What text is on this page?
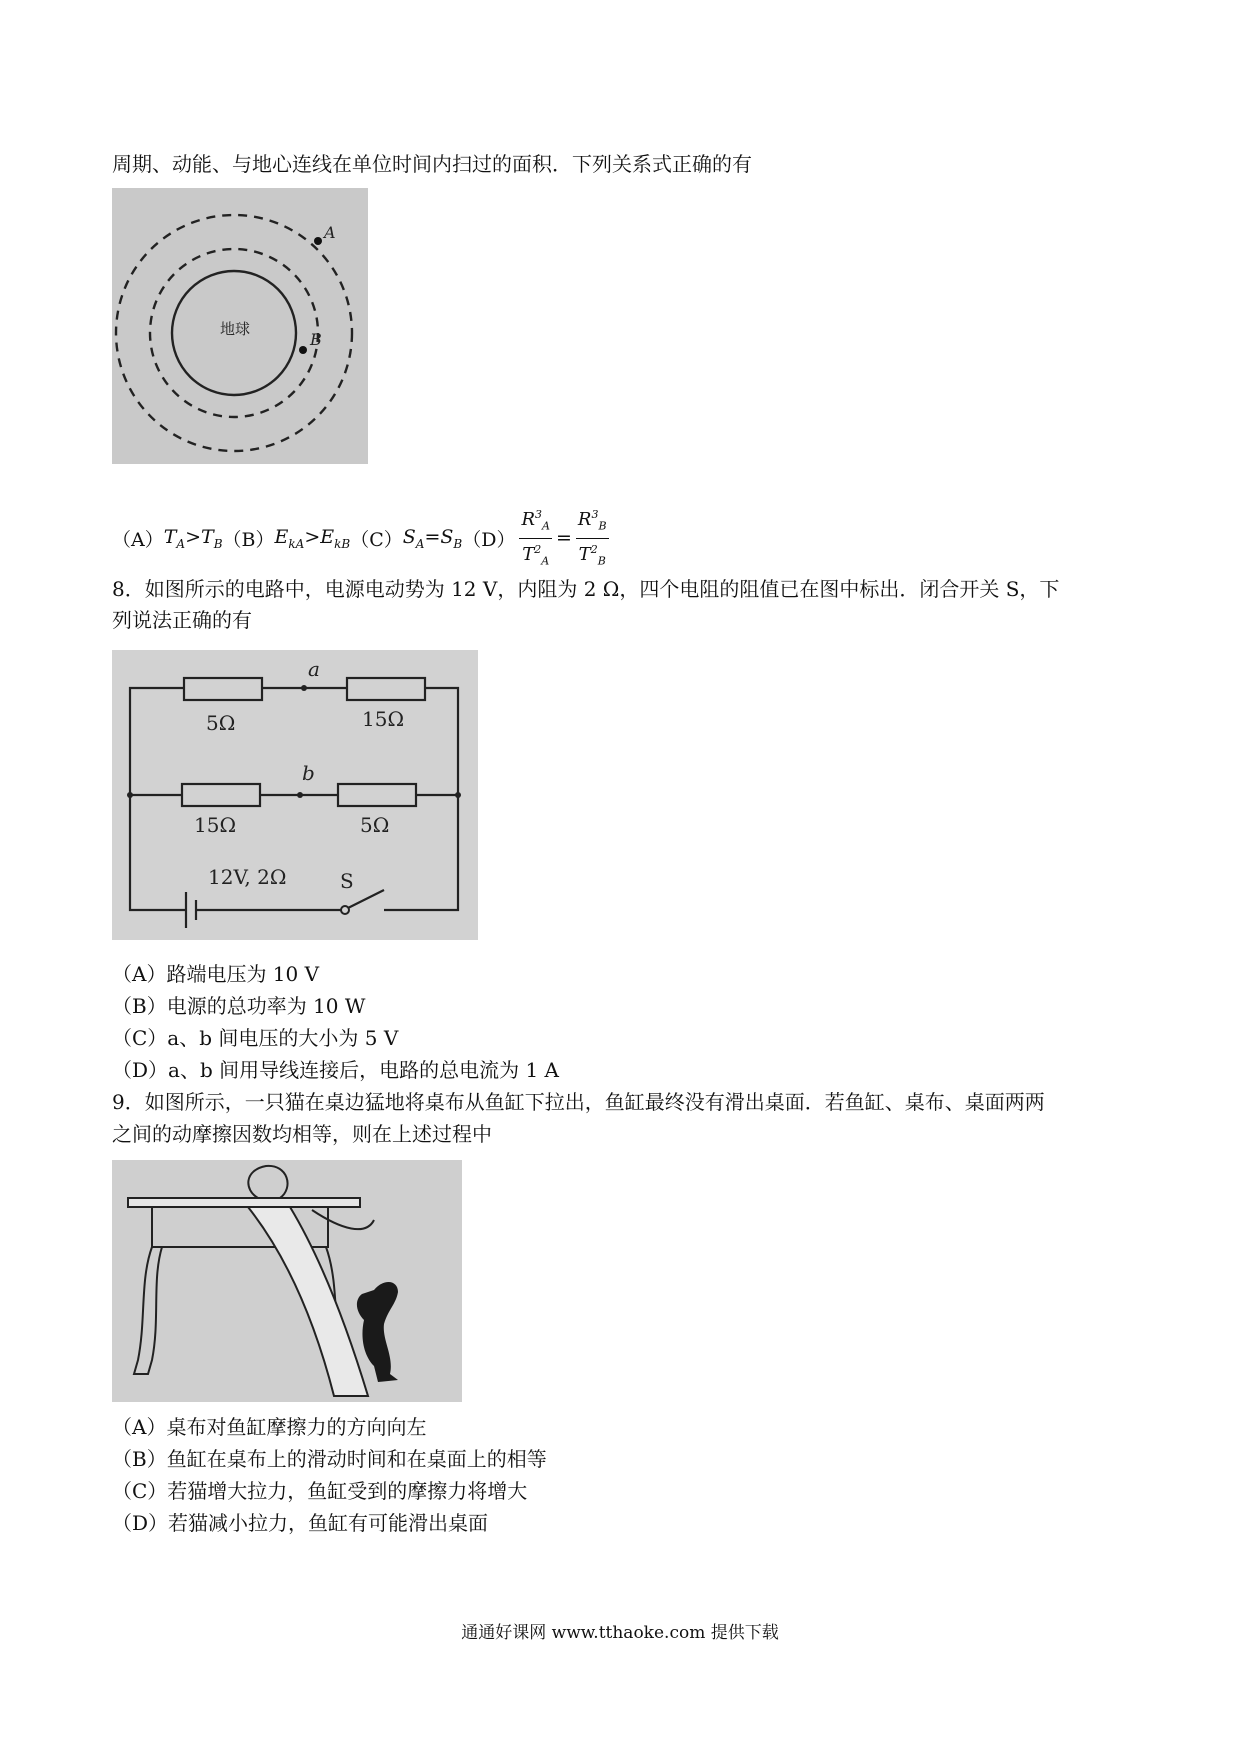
周期、动能、与地心连线在单位时间内扫过的面积．下列关系式正确的有
地球
A
B
（A） $T_A>T_B$ （B） $E_{kA}>E_{kB}$ （C） $S_A=S_B$ $(D) \frac{R^3_A}{T^2_A} = \frac{R^3_B}{T^2_B}$
8．如图所示的电路中，电源电动势为 12 V，内阻为 2 Ω，四个电阻的阻值已在图中标出．闭合开关 S，下
列说法正确的有
a
b
5Ω	15Ω
15Ω	5Ω
12V, 2Ω	S
（A）路端电压为 10 V
（B）电源的总功率为 10 W
（C）a、b 间电压的大小为 5 V
（D）a、b 间用导线连接后，电路的总电流为 1 A
9．如图所示，一只猫在桌边猛地将桌布从鱼缸下拉出，鱼缸最终没有滑出桌面．若鱼缸、桌布、桌面两两
之间的动摩擦因数均相等，则在上述过程中
（A）桌布对鱼缸摩擦力的方向向左
（B）鱼缸在桌布上的滑动时间和在桌面上的相等
（C）若猫增大拉力，鱼缸受到的摩擦力将增大
（D）若猫减小拉力，鱼缸有可能滑出桌面
通通好课网 www.tthaoke.com 提供下载
